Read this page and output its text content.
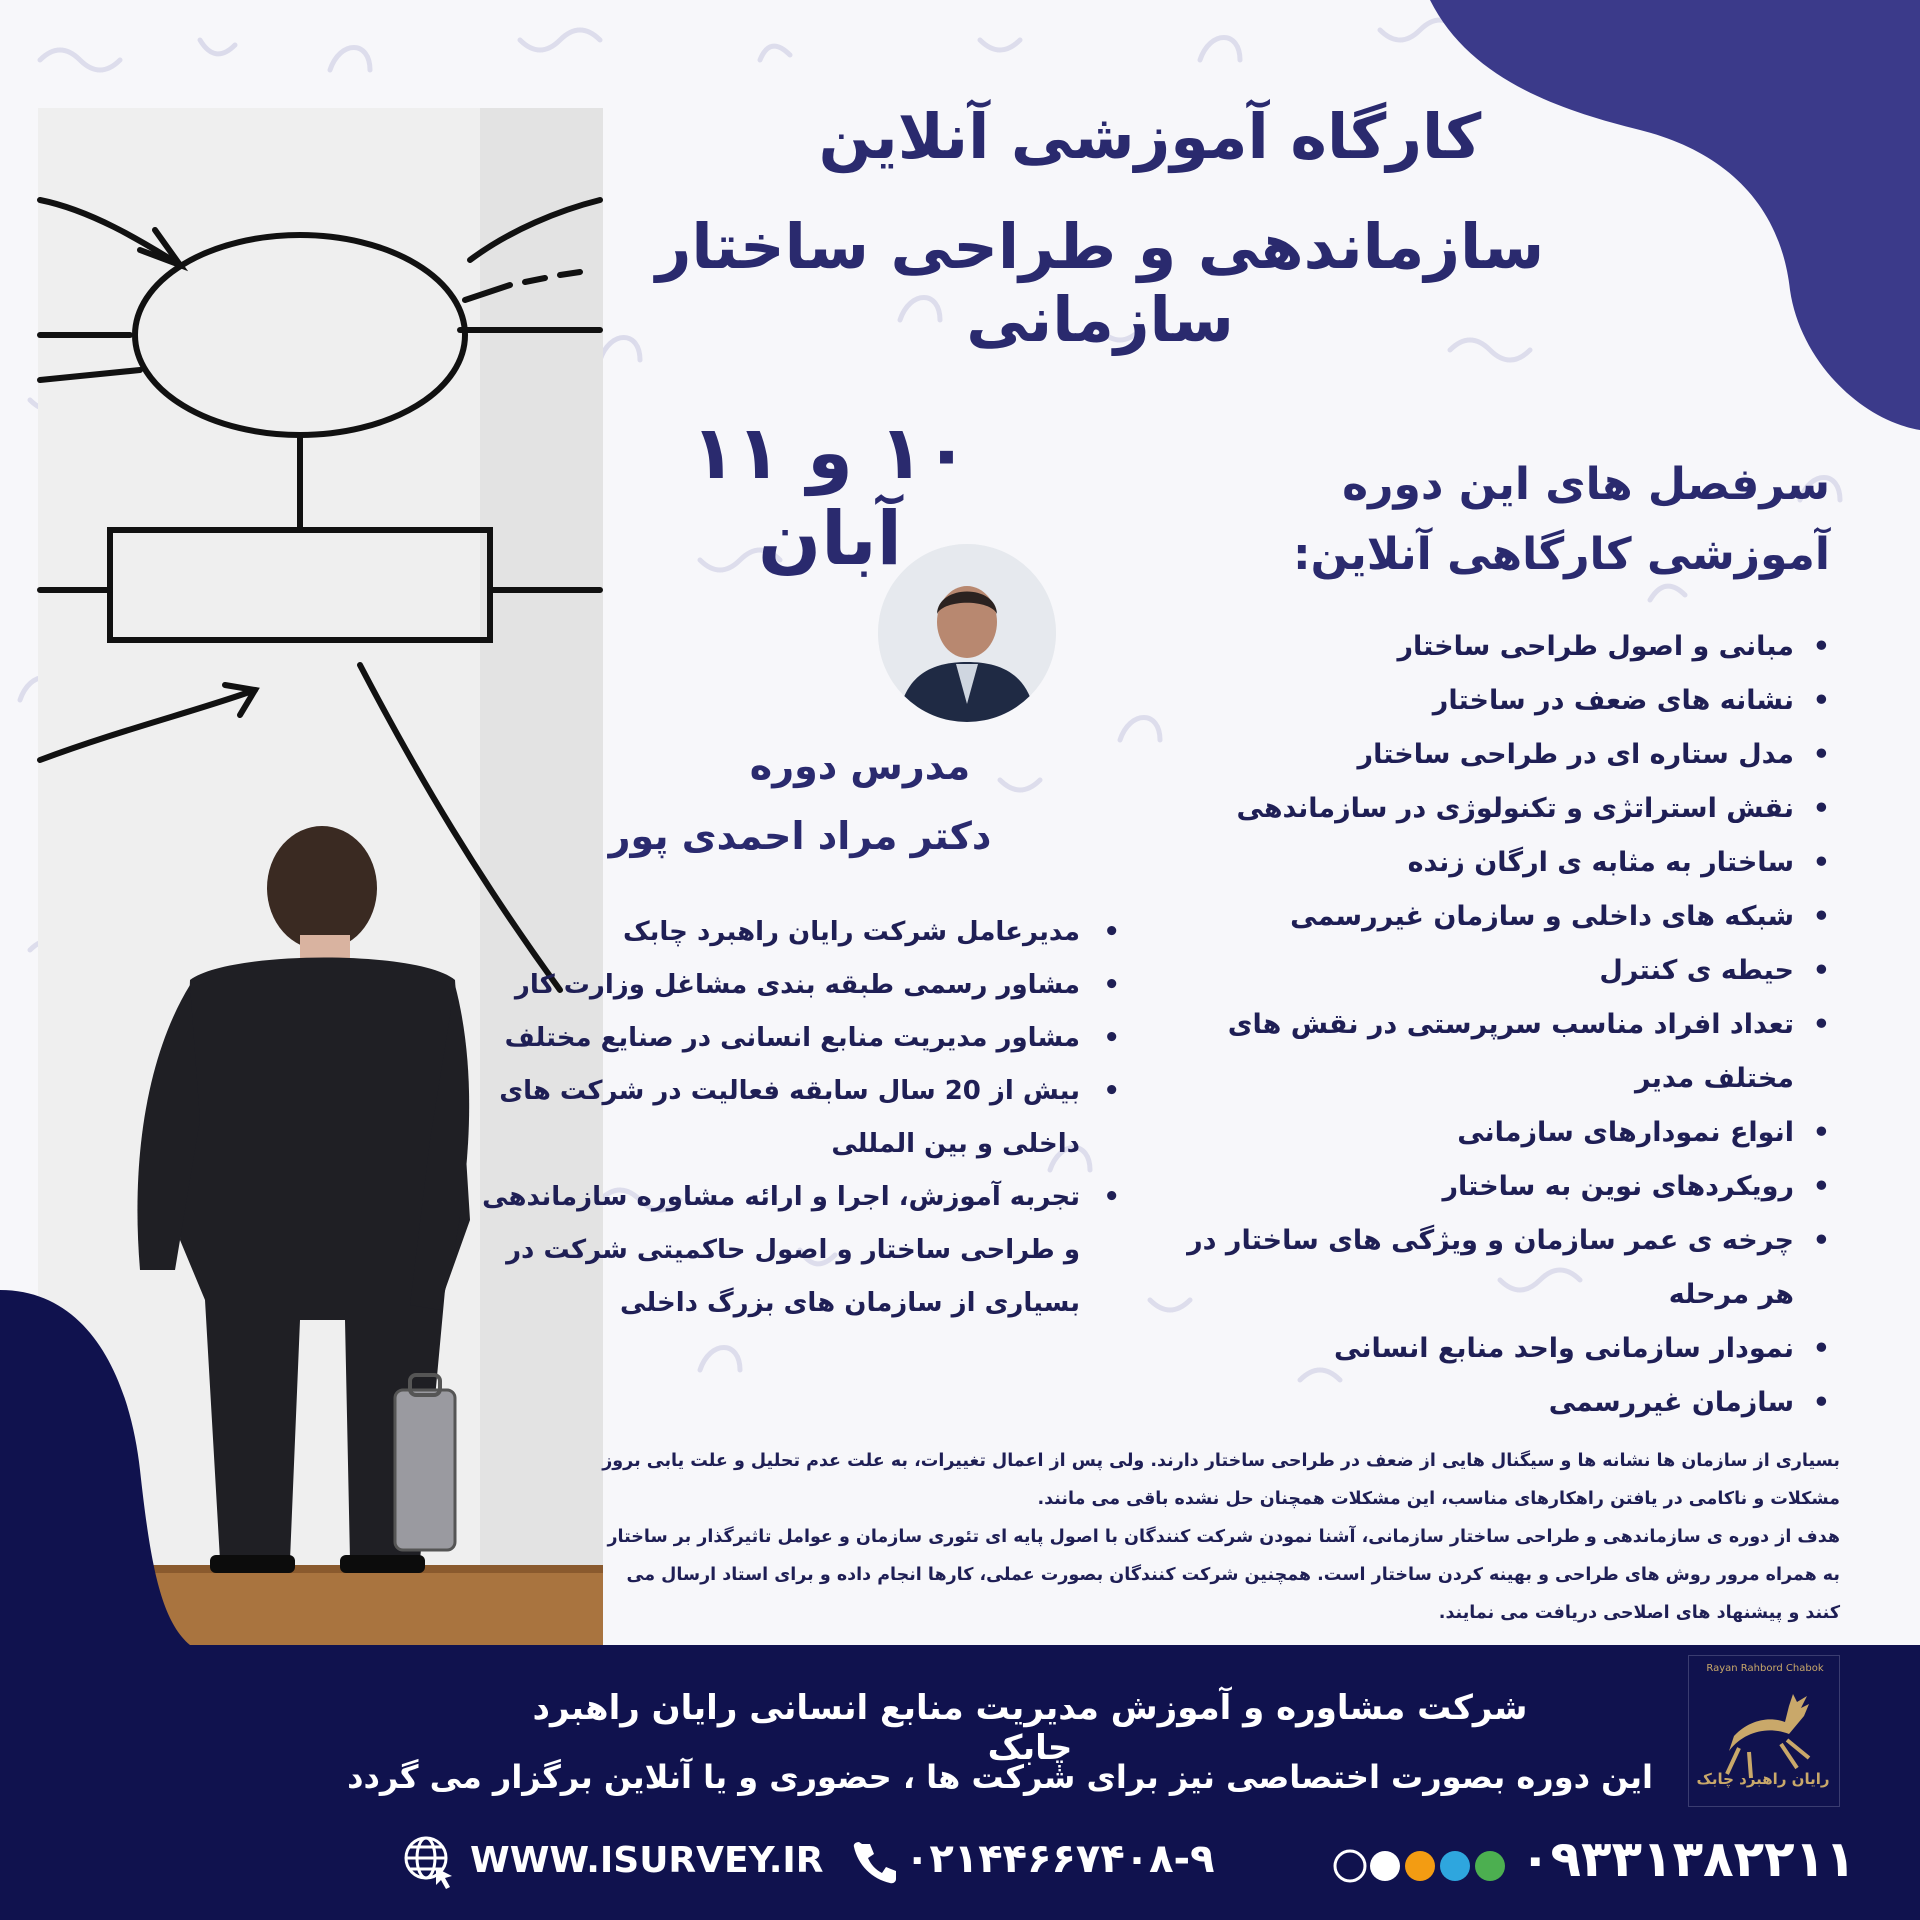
کارگاه آموزشی آنلاین
سازماندهی و طراحی ساختار سازمانی
۱۰ و ۱۱ آبان
سرفصل های این دوره
آموزشی کارگاهی آنلاین:
• مبانی و اصول طراحی ساختار
• نشانه های ضعف در ساختار
• مدل ستاره ای در طراحی ساختار
• نقش استراتژی و تکنولوژی در سازماندهی
• ساختار به مثابه ی ارگان زنده
• شبکه های داخلی و سازمان غیررسمی
• حیطه ی کنترل
• تعداد افراد مناسب سرپرستی در نقش های مختلف مدیر
• انواع نمودارهای سازمانی
• رویکردهای نوین به ساختار
• چرخه ی عمر سازمان و ویژگی های ساختار در هر مرحله
• نمودار سازمانی واحد منابع انسانی
• سازمان غیررسمی
مدرس دوره
دکتر مراد احمدی پور
• مدیرعامل شرکت رایان راهبرد چابک
• مشاور رسمی طبقه بندی مشاغل وزارت کار
• مشاور مدیریت منابع انسانی در صنایع مختلف
• بیش از 20 سال سابقه فعالیت در شرکت های داخلی و بین المللی
• تجربه آموزش، اجرا و ارائه مشاوره سازماندهی و طراحی ساختار و اصول حاکمیتی شرکت در بسیاری از سازمان های بزرگ داخلی

بسیاری از سازمان ها نشانه ها و سیگنال هایی از ضعف در طراحی ساختار دارند. ولی پس از اعمال تغییرات، به علت عدم تحلیل و علت یابی بروز مشکلات و ناکامی در یافتن راهکارهای مناسب، این مشکلات همچنان حل نشده باقی می مانند.

هدف از دوره ی سازماندهی و طراحی ساختار سازمانی، آشنا نمودن شرکت کنندگان با اصول پایه ای تئوری سازمان و عوامل تاثیرگذار بر ساختار به همراه مرور روش های طراحی و بهینه کردن ساختار است. همچنین شرکت کنندگان بصورت عملی، کارها انجام داده و برای استاد ارسال می کنند و پیشنهاد های اصلاحی دریافت می نمایند.

شرکت مشاوره و آموزش مدیریت منابع انسانی رایان راهبرد چابک
این دوره بصورت اختصاصی نیز برای شرکت ها ، حضوری و یا آنلاین برگزار می گردد
Rayan Rahbord Chabok
رایان راهبرد چابک
۰۹۳۳۱۳۸۲۲۱۱
۰۲۱۴۴۶۶۷۴۰۸-۹
WWW.ISURVEY.IR
